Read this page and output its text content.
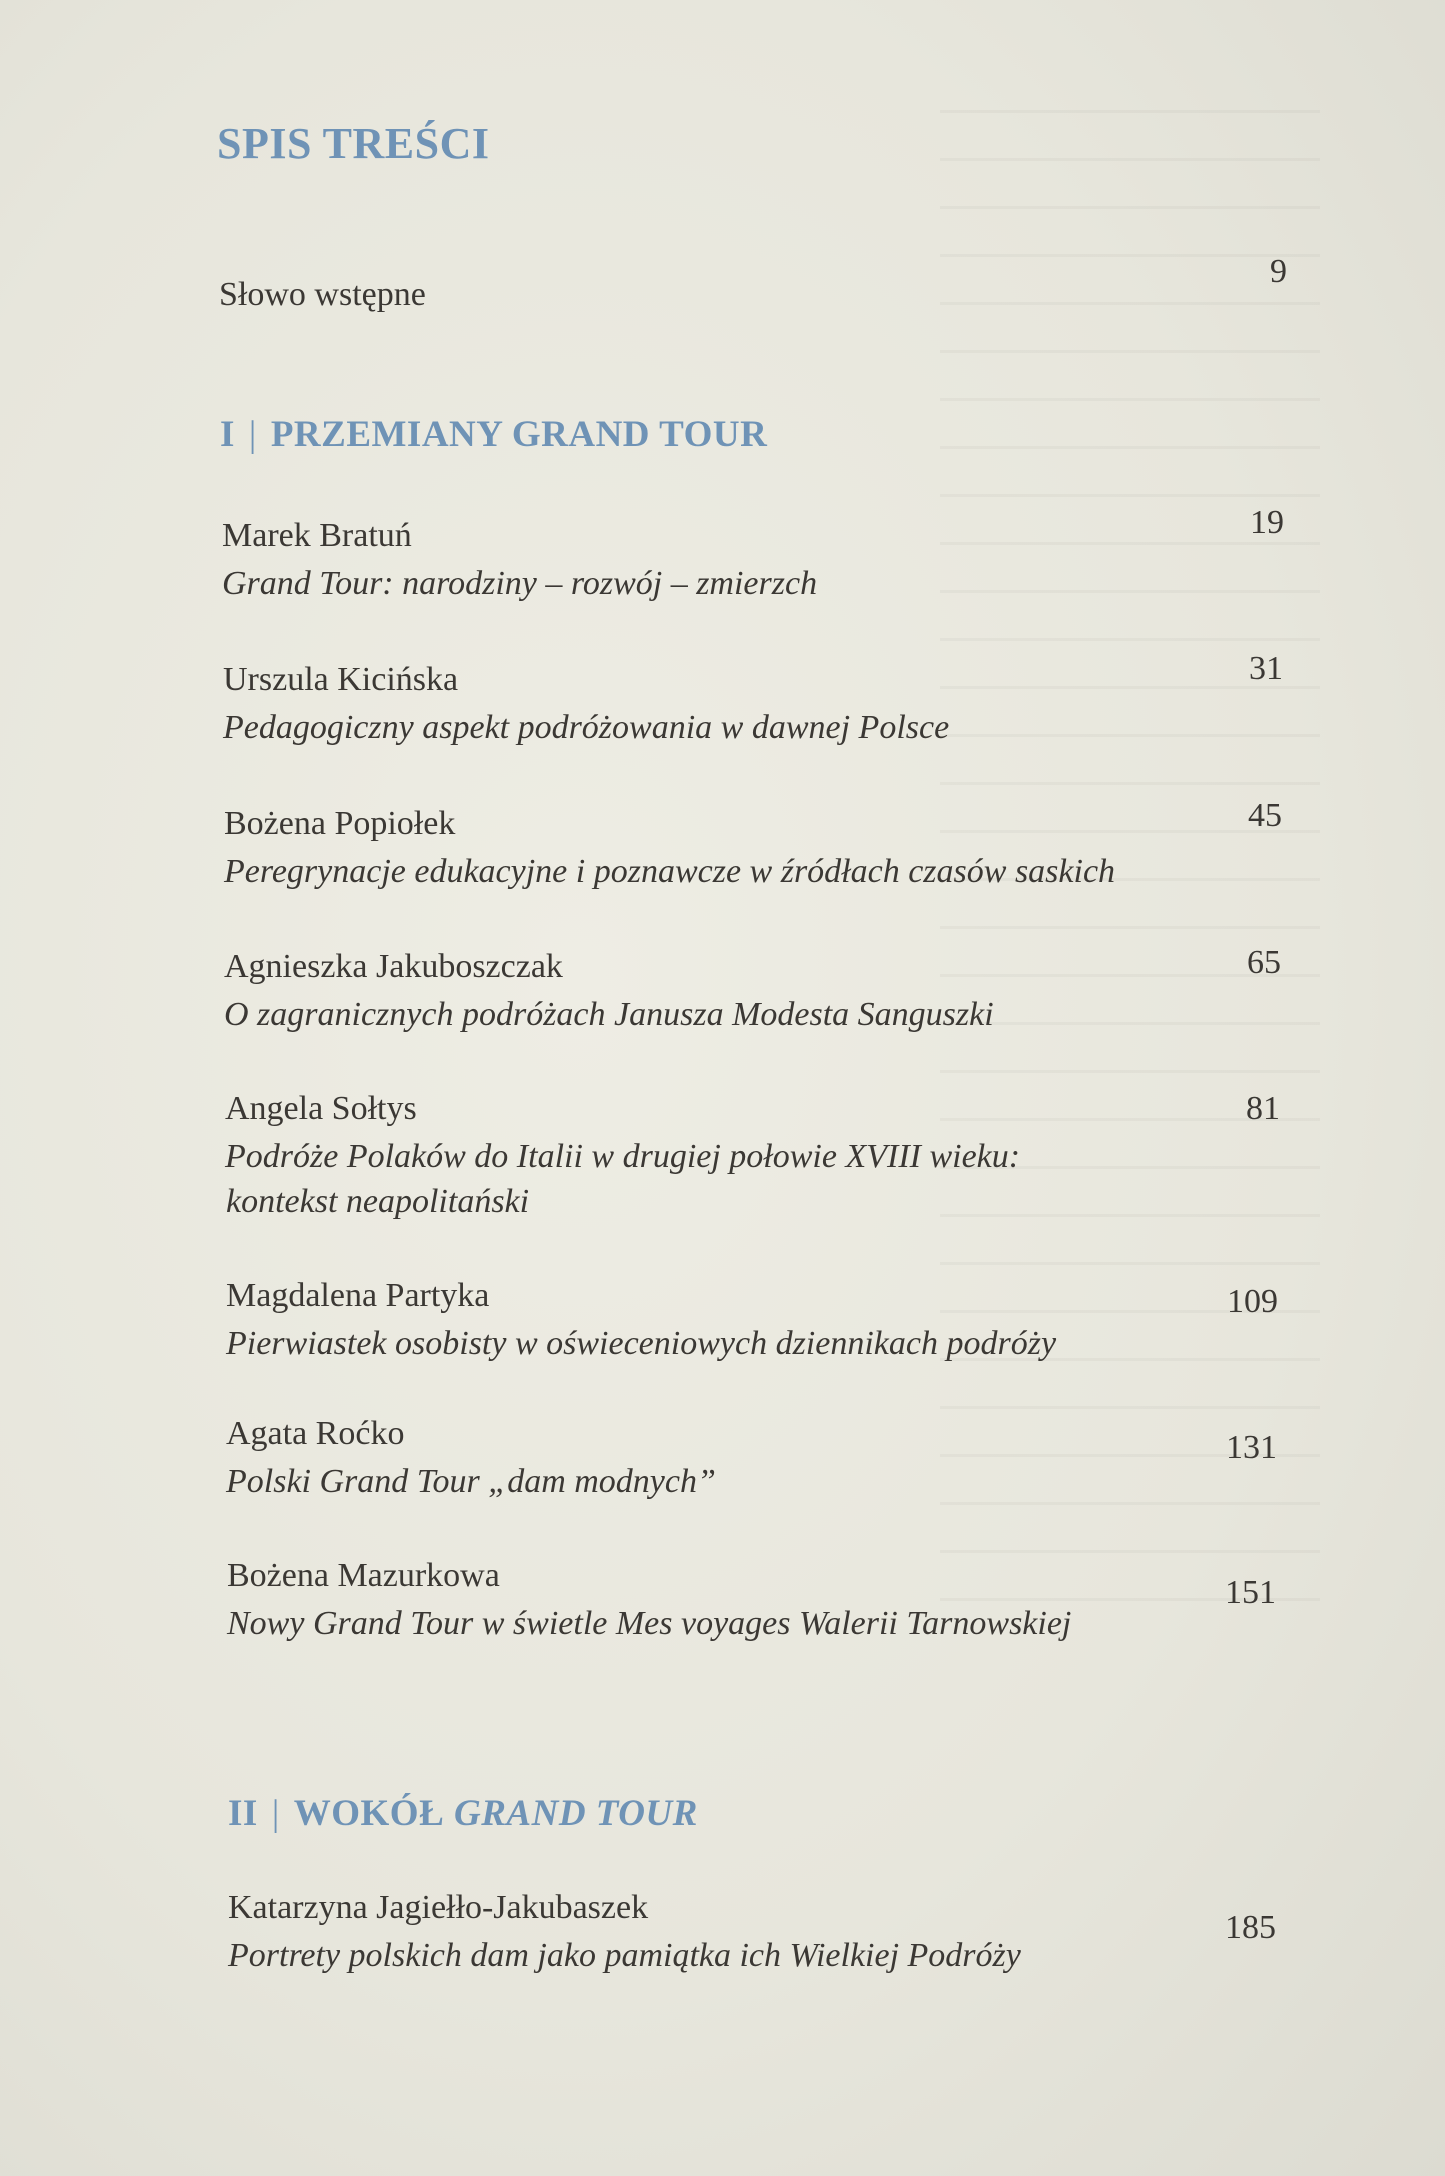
SPIS TREŚCI
Słowo wstępne
9
I | PRZEMIANY GRAND TOUR
Marek Bratuń
Grand Tour: narodziny – rozwój – zmierzch
19
Urszula Kicińska
Pedagogiczny aspekt podróżowania w dawnej Polsce
31
Bożena Popiołek
Peregrynacje edukacyjne i poznawcze w źródłach czasów saskich
45
Agnieszka Jakuboszczak
O zagranicznych podróżach Janusza Modesta Sanguszki
65
Angela Sołtys
Podróże Polaków do Italii w drugiej połowie XVIII wieku:
kontekst neapolitański
81
Magdalena Partyka
Pierwiastek osobisty w oświeceniowych dziennikach podróży
109
Agata Roćko
Polski Grand Tour „dam modnych”
131
Bożena Mazurkowa
Nowy Grand Tour w świetle Mes voyages Walerii Tarnowskiej
151
II | WOKÓŁ GRAND TOUR
Katarzyna Jagiełło-Jakubaszek
Portrety polskich dam jako pamiątka ich Wielkiej Podróży
185
